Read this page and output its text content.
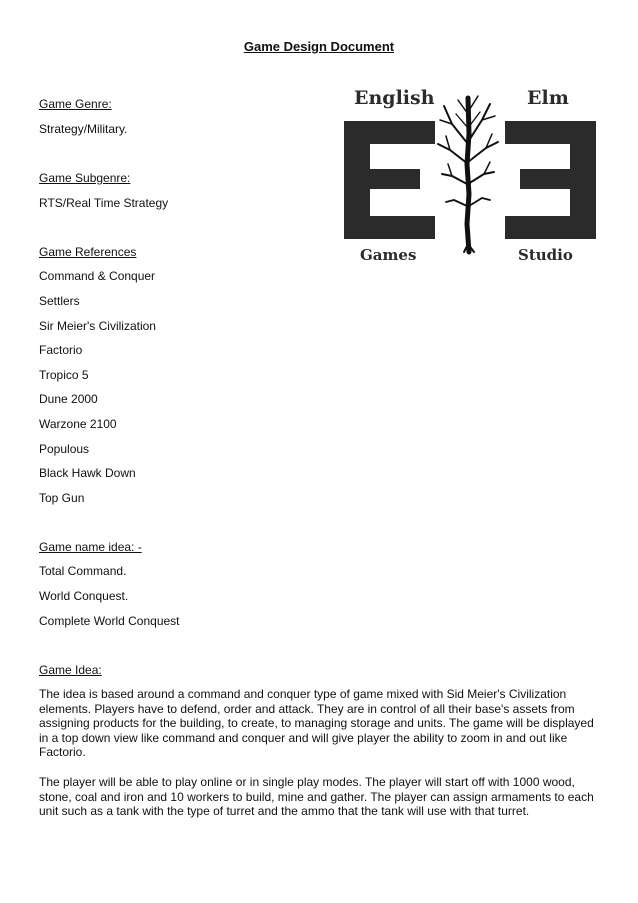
Game Design Document
English	Elm
Games	Studio
Game Genre:
Strategy/Military.
Game Subgenre:
RTS/Real Time Strategy
Game References
Command & Conquer
Settlers
Sir Meier's Civilization
Factorio
Tropico 5
Dune 2000
Warzone 2100
Populous
Black Hawk Down
Top Gun
Game name idea: -
Total Command.
World Conquest.
Complete World Conquest
Game Idea:
The idea is based around a command and conquer type of game mixed with Sid Meier's Civilization elements. Players have to defend, order and attack. They are in control of all their base's assets from assigning products for the building, to create, to managing storage and units. The game will be displayed in a top down view like command and conquer and will give player the ability to zoom in and out like Factorio.
The player will be able to play online or in single play modes. The player will start off with 1000 wood, stone, coal and iron and 10 workers to build, mine and gather. The player can assign armaments to each unit such as a tank with the type of turret and the ammo that the tank will use with that turret.
